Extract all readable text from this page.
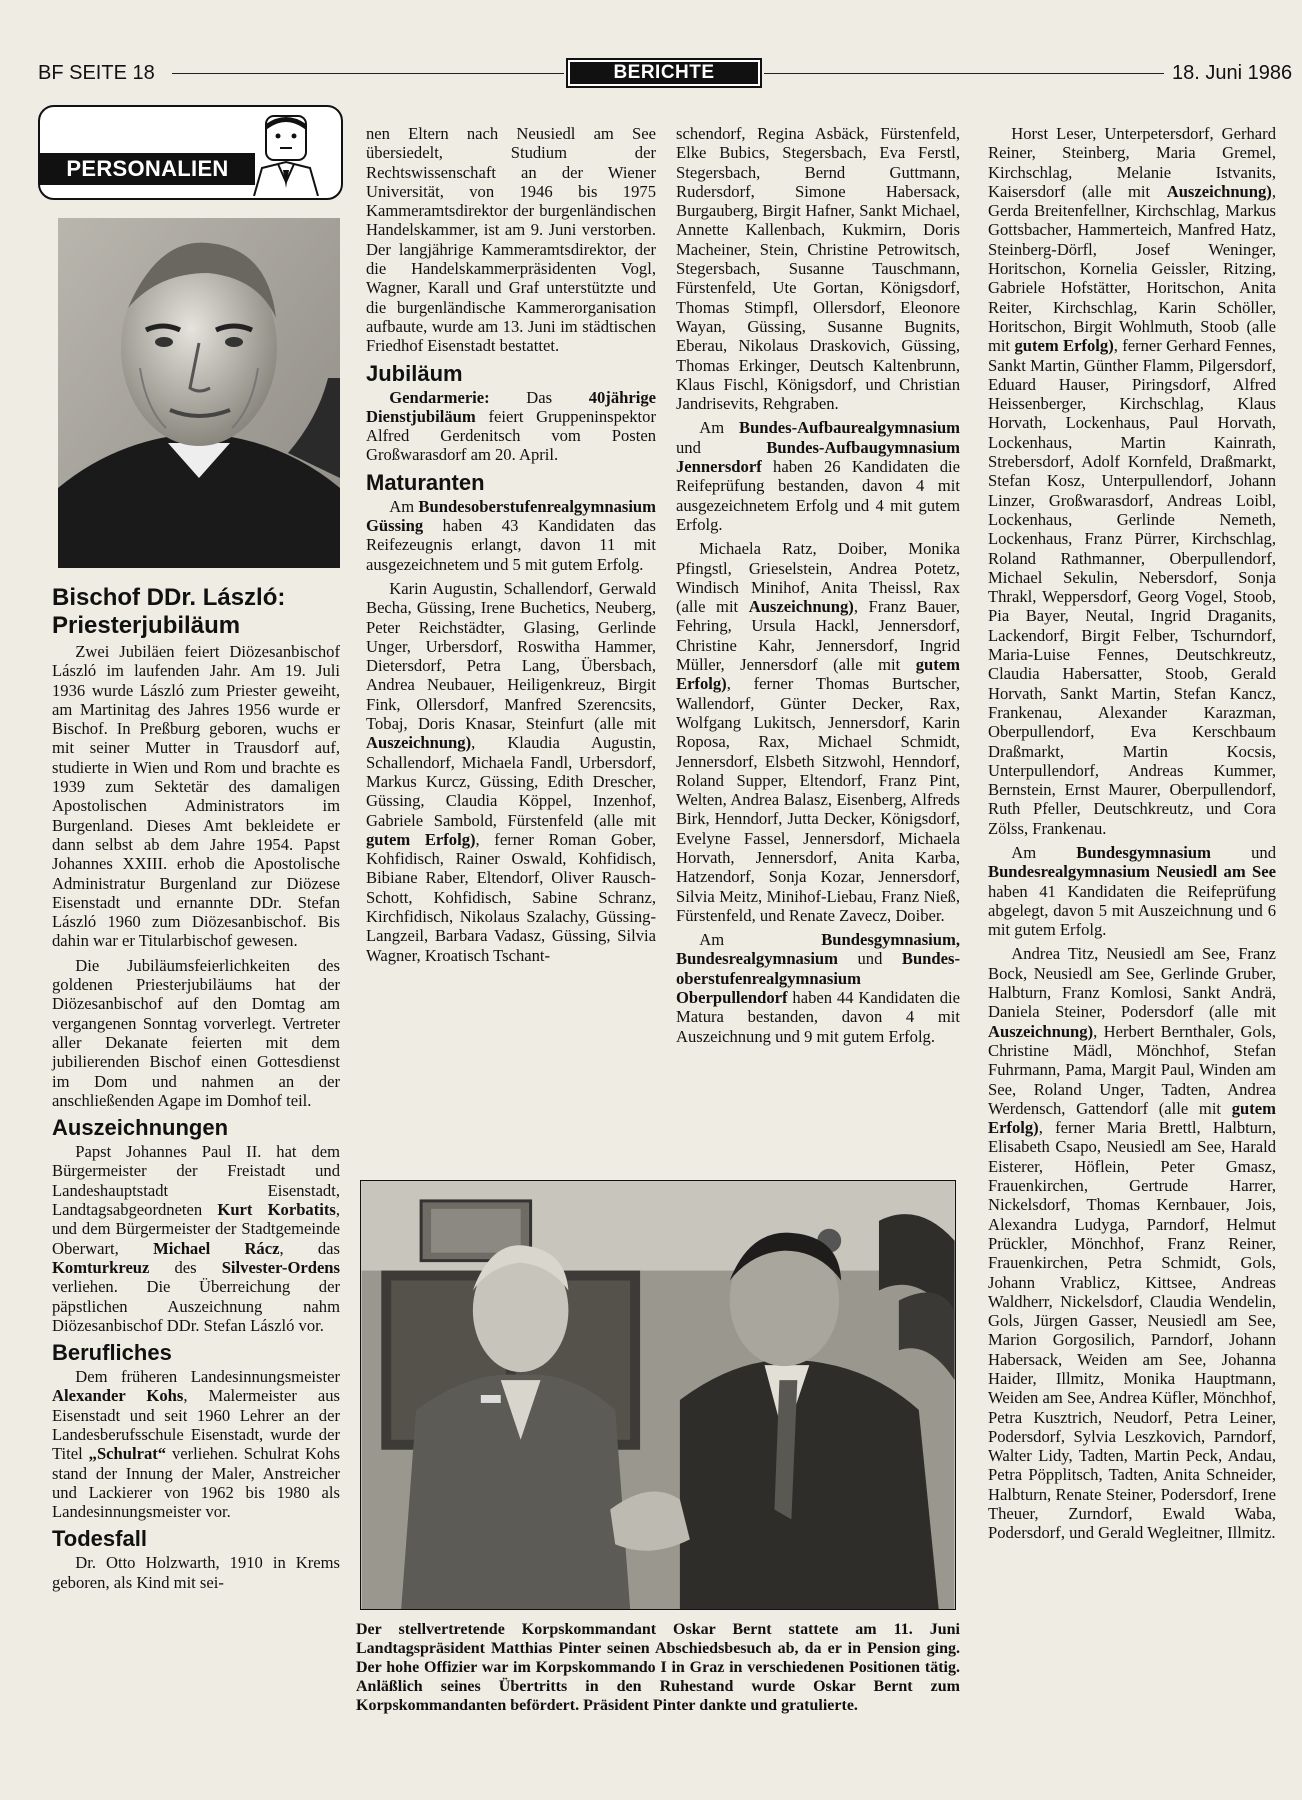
BF SEITE 18	BERICHTE	18. Juni 1986
PERSONALIEN
Bischof DDr. László: Priesterjubiläum

Zwei Jubiläen feiert Diözesanbischof László im laufenden Jahr. Am 19. Juli 1936 wurde László zum Priester geweiht, am Martinitag des Jahres 1956 wurde er Bischof. In Preßburg geboren, wuchs er mit seiner Mutter in Trausdorf auf, studierte in Wien und Rom und brachte es 1939 zum Sektetär des damaligen Apostolischen Administrators im Burgenland. Dieses Amt bekleidete er dann selbst ab dem Jahre 1954. Papst Johannes XXIII. erhob die Apostolische Administratur Burgenland zur Diözese Eisenstadt und ernannte DDr. Stefan László 1960 zum Diözesanbischof. Bis dahin war er Titularbischof gewesen.

Die Jubiläumsfeierlichkeiten des goldenen Priesterjubiläums hat der Diözesanbischof auf den Domtag am vergangenen Sonntag vorverlegt. Vertreter aller Dekanate feierten mit dem jubilierenden Bischof einen Gottesdienst im Dom und nahmen an der anschließenden Agape im Domhof teil.

Auszeichnungen

Papst Johannes Paul II. hat dem Bürgermeister der Freistadt und Landeshauptstadt Eisenstadt, Landtagsabgeordneten Kurt Korbatits, und dem Bürgermeister der Stadtgemeinde Oberwart, Michael Rácz, das Komturkreuz des Silvester-Ordens verliehen. Die Überreichung der päpstlichen Auszeichnung nahm Diözesanbischof DDr. Stefan László vor.

Berufliches

Dem früheren Landesinnungsmeister Alexander Kohs, Malermeister aus Eisenstadt und seit 1960 Lehrer an der Landesberufsschule Eisenstadt, wurde der Titel „Schulrat“ verliehen. Schulrat Kohs stand der Innung der Maler, Anstreicher und Lackierer von 1962 bis 1980 als Landesinnungsmeister vor.

Todesfall

Dr. Otto Holzwarth, 1910 in Krems geboren, als Kind mit sei-

nen Eltern nach Neusiedl am See übersiedelt, Studium der Rechtswissenschaft an der Wiener Universität, von 1946 bis 1975 Kammeramtsdirektor der burgenländischen Handelskammer, ist am 9. Juni verstorben. Der langjährige Kammeramtsdirektor, der die Handelskammerpräsidenten Vogl, Wagner, Karall und Graf unterstützte und die burgenländische Kammerorganisation aufbaute, wurde am 13. Juni im städtischen Friedhof Eisenstadt bestattet.

Jubiläum

Gendarmerie: Das 40jährige Dienstjubiläum feiert Gruppeninspektor Alfred Gerdenitsch vom Posten Großwarasdorf am 20. April.

Maturanten

Am Bundesoberstufenrealgymnasium Güssing haben 43 Kandidaten das Reifezeugnis erlangt, davon 11 mit ausgezeichnetem und 5 mit gutem Erfolg.

Karin Augustin, Schallendorf, Gerwald Becha, Güssing, Irene Buchetics, Neuberg, Peter Reichstädter, Glasing, Gerlinde Unger, Urbersdorf, Roswitha Hammer, Dietersdorf, Petra Lang, Übersbach, Andrea Neubauer, Heiligenkreuz, Birgit Fink, Ollersdorf, Manfred Szerencsits, Tobaj, Doris Knasar, Steinfurt (alle mit Auszeichnung), Klaudia Augustin, Schallendorf, Michaela Fandl, Urbersdorf, Markus Kurcz, Güssing, Edith Drescher, Güssing, Claudia Köppel, Inzenhof, Gabriele Sambold, Fürstenfeld (alle mit gutem Erfolg), ferner Roman Gober, Kohfidisch, Rainer Oswald, Kohfidisch, Bibiane Raber, Eltendorf, Oliver Rausch-Schott, Kohfidisch, Sabine Schranz, Kirchfidisch, Nikolaus Szalachy, Güssing-Langzeil, Barbara Vadasz, Güssing, Silvia Wagner, Kroatisch Tschant-

schendorf, Regina Asbäck, Fürstenfeld, Elke Bubics, Stegersbach, Eva Ferstl, Stegersbach, Bernd Guttmann, Rudersdorf, Simone Habersack, Burgauberg, Birgit Hafner, Sankt Michael, Annette Kallenbach, Kukmirn, Doris Macheiner, Stein, Christine Petrowitsch, Stegersbach, Susanne Tauschmann, Fürstenfeld, Ute Gortan, Königsdorf, Thomas Stimpfl, Ollersdorf, Eleonore Wayan, Güssing, Susanne Bugnits, Eberau, Nikolaus Draskovich, Güssing, Thomas Erkinger, Deutsch Kaltenbrunn, Klaus Fischl, Königsdorf, und Christian Jandrisevits, Rehgraben.

Am Bundes-Aufbaurealgymnasium und Bundes-Aufbaugymnasium Jennersdorf haben 26 Kandidaten die Reifeprüfung bestanden, davon 4 mit ausgezeichnetem Erfolg und 4 mit gutem Erfolg.

Michaela Ratz, Doiber, Monika Pfingstl, Grieselstein, Andrea Potetz, Windisch Minihof, Anita Theissl, Rax (alle mit Auszeichnung), Franz Bauer, Fehring, Ursula Hackl, Jennersdorf, Christine Kahr, Jennersdorf, Ingrid Müller, Jennersdorf (alle mit gutem Erfolg), ferner Thomas Burtscher, Wallendorf, Günter Decker, Rax, Wolfgang Lukitsch, Jennersdorf, Karin Roposa, Rax, Michael Schmidt, Jennersdorf, Elsbeth Sitzwohl, Henndorf, Roland Supper, Eltendorf, Franz Pint, Welten, Andrea Balasz, Eisenberg, Alfreds Birk, Henndorf, Jutta Decker, Königsdorf, Evelyne Fassel, Jennersdorf, Michaela Horvath, Jennersdorf, Anita Karba, Hatzendorf, Sonja Kozar, Jennersdorf, Silvia Meitz, Minihof-Liebau, Franz Nieß, Fürstenfeld, und Renate Zavecz, Doiber.

Am Bundesgymnasium, Bundesrealgymnasium und Bundes-oberstufenrealgymnasium Oberpullendorf haben 44 Kandidaten die Matura bestanden, davon 4 mit Auszeichnung und 9 mit gutem Erfolg.

Horst Leser, Unterpetersdorf, Gerhard Reiner, Steinberg, Maria Gremel, Kirchschlag, Melanie Istvanits, Kaisersdorf (alle mit Auszeichnung), Gerda Breitenfellner, Kirchschlag, Markus Gottsbacher, Hammerteich, Manfred Hatz, Steinberg-Dörfl, Josef Weninger, Horitschon, Kornelia Geissler, Ritzing, Gabriele Hofstätter, Horitschon, Anita Reiter, Kirchschlag, Karin Schöller, Horitschon, Birgit Wohlmuth, Stoob (alle mit gutem Erfolg), ferner Gerhard Fennes, Sankt Martin, Günther Flamm, Pilgersdorf, Eduard Hauser, Piringsdorf, Alfred Heissenberger, Kirchschlag, Klaus Horvath, Lockenhaus, Paul Horvath, Lockenhaus, Martin Kainrath, Strebersdorf, Adolf Kornfeld, Draßmarkt, Stefan Kosz, Unterpullendorf, Johann Linzer, Großwarasdorf, Andreas Loibl, Lockenhaus, Gerlinde Nemeth, Lockenhaus, Franz Pürrer, Kirchschlag, Roland Rathmanner, Oberpullendorf, Michael Sekulin, Nebersdorf, Sonja Thrakl, Weppersdorf, Georg Vogel, Stoob, Pia Bayer, Neutal, Ingrid Draganits, Lackendorf, Birgit Felber, Tschurndorf, Maria-Luise Fennes, Deutschkreutz, Claudia Habersatter, Stoob, Gerald Horvath, Sankt Martin, Stefan Kancz, Frankenau, Alexander Karazman, Oberpullendorf, Eva Kerschbaum Draßmarkt, Martin Kocsis, Unterpullendorf, Andreas Kummer, Bernstein, Ernst Maurer, Oberpullendorf, Ruth Pfeller, Deutschkreutz, und Cora Zölss, Frankenau.

Am Bundesgymnasium und Bundesrealgymnasium Neusiedl am See haben 41 Kandidaten die Reifeprüfung abgelegt, davon 5 mit Auszeichnung und 6 mit gutem Erfolg.

Andrea Titz, Neusiedl am See, Franz Bock, Neusiedl am See, Gerlinde Gruber, Halbturn, Franz Komlosi, Sankt Andrä, Daniela Steiner, Podersdorf (alle mit Auszeichnung), Herbert Bernthaler, Gols, Christine Mädl, Mönchhof, Stefan Fuhrmann, Pama, Margit Paul, Winden am See, Roland Unger, Tadten, Andrea Werdensch, Gattendorf (alle mit gutem Erfolg), ferner Maria Brettl, Halbturn, Elisabeth Csapo, Neusiedl am See, Harald Eisterer, Höflein, Peter Gmasz, Frauenkirchen, Gertrude Harrer, Nickelsdorf, Thomas Kernbauer, Jois, Alexandra Ludyga, Parndorf, Helmut Prückler, Mönchhof, Franz Reiner, Frauenkirchen, Petra Schmidt, Gols, Johann Vrablicz, Kittsee, Andreas Waldherr, Nickelsdorf, Claudia Wendelin, Gols, Jürgen Gasser, Neusiedl am See, Marion Gorgosilich, Parndorf, Johann Habersack, Weiden am See, Johanna Haider, Illmitz, Monika Hauptmann, Weiden am See, Andrea Küfler, Mönchhof, Petra Kusztrich, Neudorf, Petra Leiner, Podersdorf, Sylvia Leszkovich, Parndorf, Walter Lidy, Tadten, Martin Peck, Andau, Petra Pöpplitsch, Tadten, Anita Schneider, Halbturn, Renate Steiner, Podersdorf, Irene Theuer, Zurndorf, Ewald Waba, Podersdorf, und Gerald Wegleitner, Illmitz.

Der stellvertretende Korpskommandant Oskar Bernt stattete am 11. Juni Landtagspräsident Matthias Pinter seinen Abschiedsbesuch ab, da er in Pension ging. Der hohe Offizier war im Korpskommando I in Graz in verschiedenen Positionen tätig. Anläßlich seines Übertritts in den Ruhestand wurde Oskar Bernt zum Korpskommandanten befördert. Präsident Pinter dankte und gratulierte.
